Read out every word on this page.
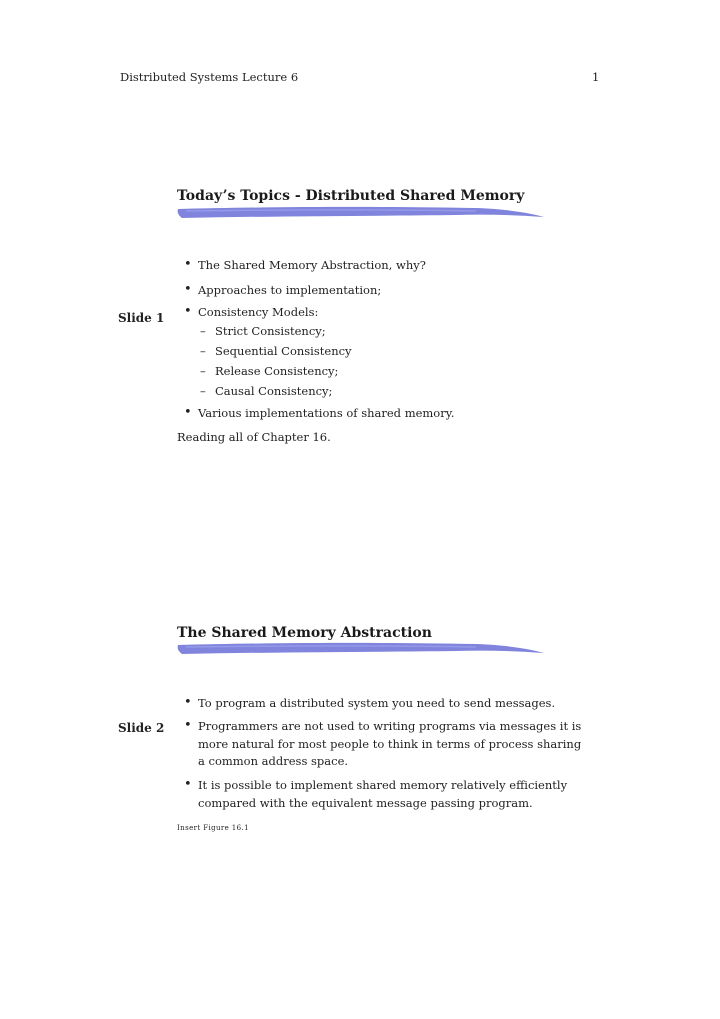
Distributed Systems Lecture 6	1
Today’s Topics - Distributed Shared Memory
Slide 1
• The Shared Memory Abstraction, why?
• Approaches to implementation;
• Consistency Models:
– Strict Consistency;
– Sequential Consistency
– Release Consistency;
– Causal Consistency;
• Various implementations of shared memory.
Reading all of Chapter 16.
The Shared Memory Abstraction
Slide 2
• To program a distributed system you need to send messages.
• Programmers are not used to writing programs via messages it is
more natural for most people to think in terms of process sharing
a common address space.
• It is possible to implement shared memory relatively efficiently
compared with the equivalent message passing program.
Insert Figure 16.1
